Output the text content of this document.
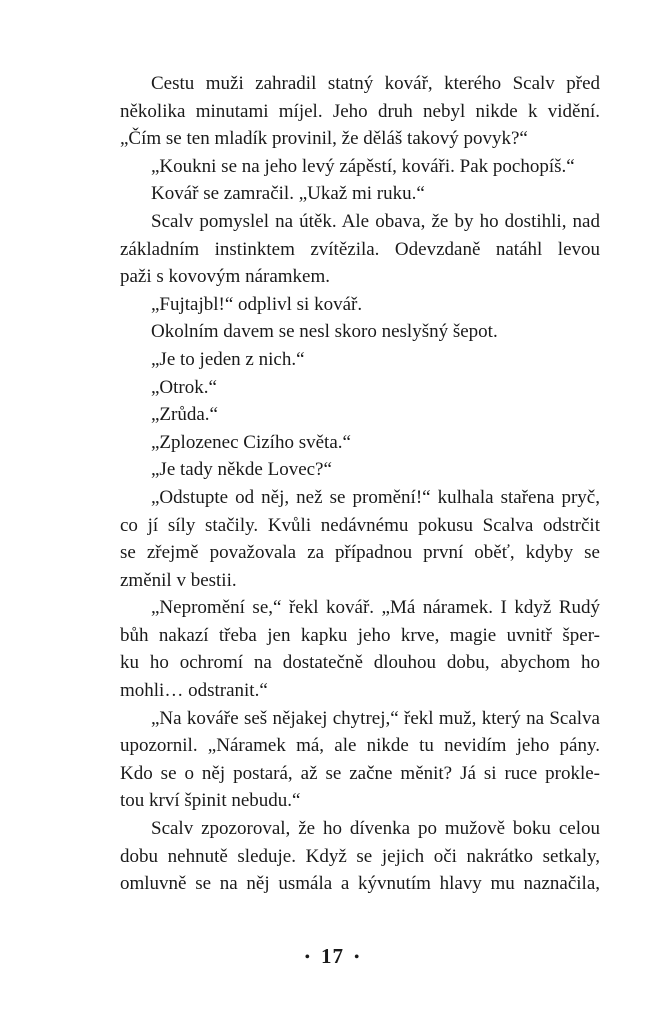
Cestu muži zahradil statný kovář, kterého Scalv před
několika minutami míjel. Jeho druh nebyl nikde k vidění.
„Čím se ten mladík provinil, že děláš takový povyk?“
„Koukni se na jeho levý zápěstí, kováři. Pak pochopíš.“
Kovář se zamračil. „Ukaž mi ruku.“
Scalv pomyslel na útěk. Ale obava, že by ho dostihli, nad
základním instinktem zvítězila. Odevzdaně natáhl levou
paži s kovovým náramkem.
„Fujtajbl!“ odplivl si kovář.
Okolním davem se nesl skoro neslyšný šepot.
„Je to jeden z nich.“
„Otrok.“
„Zrůda.“
„Zplozenec Cizího světa.“
„Je tady někde Lovec?“
„Odstupte od něj, než se promění!“ kulhala stařena pryč,
co jí síly stačily. Kvůli nedávnému pokusu Scalva odstrčit
se zřejmě považovala za případnou první oběť, kdyby se
změnil v bestii.
„Nepromění se,“ řekl kovář. „Má náramek. I když Rudý
bůh nakazí třeba jen kapku jeho krve, magie uvnitř šper-
ku ho ochromí na dostatečně dlouhou dobu, abychom ho
mohli… odstranit.“
„Na kováře seš nějakej chytrej,“ řekl muž, který na Scalva
upozornil. „Náramek má, ale nikde tu nevidím jeho pány.
Kdo se o něj postará, až se začne měnit? Já si ruce prokle-
tou krví špinit nebudu.“
Scalv zpozoroval, že ho dívenka po mužově boku celou
dobu nehnutě sleduje. Když se jejich oči nakrátko setkaly,
omluvně se na něj usmála a kývnutím hlavy mu naznačila,
• 17 •
